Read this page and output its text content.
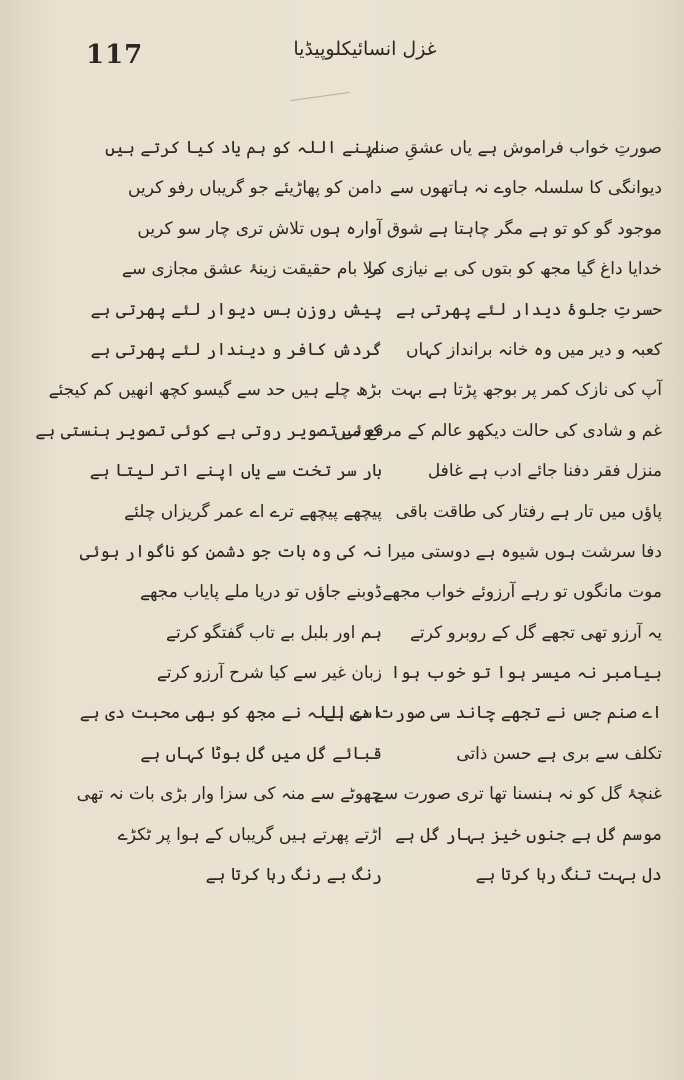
117	غزل انسائیکلوپیڈیا
صورتِ خواب فراموش ہے یاں عشقِ صنم
دیوانگی کا سلسلہ جاوے نہ ہاتھوں سے
موجود گو کو تو ہے مگر چاہتا ہے شوق
خدایا داغ گیا مجھ کو بتوں کی بے نیازی کر
حسرتِ جلوۂ دیدار لئے پھرتی ہے
کعبہ و دیر میں وہ خانہ برانداز کہاں
آپ کی نازک کمر پر بوجھ پڑتا ہے بہت
غم و شادی کی حالت دیکھو عالم کے مرقع میں
منزل فقر دفنا جائے ادب ہے غافل
پاؤں میں تار ہے رفتار کی طاقت باقی
دفا سرشت ہوں شیوہ ہے دوستی میرا
موت مانگوں تو رہے آرزوئے خواب مجھے
یہ آرزو تھی تجھے گل کے روبرو کرتے
بیامبر نہ میسر ہوا تو خوب ہوا
اے صنم جس نے تجھے چاند سی صورت دی ہے
تکلف سے بری ہے حسن ذاتی
غنچۂ گل کو نہ ہنسنا تھا تری صورت سے
موسم گل ہے جنوں خیز بہار گل ہے
دل بہت تنگ رہا کرتا ہے
اپنے اللہ کو ہم یاد کیا کرتے ہیں
دامن کو پھاڑیئے جو گریباں رفو کریں
آوارہ ہوں تلاش تری چار سو کریں
ملا بام حقیقت زینۂ عشق مجازی سے
پیش روزن بس دیوار لئے پھرتی ہے
گردش کافر و دیندار لئے پھرتی ہے
بڑھ چلے ہیں حد سے گیسو کچھ انھیں کم کیجئے
کوئی تصویر روتی ہے کوئی تصویر ہنستی ہے
بار سر تخت سے یاں اپنے اتر لیتا ہے
پیچھے پیچھے ترے اے عمر گریزاں چلئے
نہ کی وہ بات جو دشمن کو ناگوار ہوئی
ڈوبنے جاؤں تو دریا ملے پایاب مجھے
ہم اور بلبل بے تاب گفتگو کرتے
زبان غیر سے کیا شرح آرزو کرتے
اسی اللہ نے مجھ کو بھی محبت دی ہے
قبائے گل میں گل بوٹا کہاں ہے
چھوٹے سے منہ کی سزا وار بڑی بات نہ تھی
اڑتے پھرتے ہیں گریباں کے ہوا پر ٹکڑے
رنگ بے رنگ رہا کرتا ہے
